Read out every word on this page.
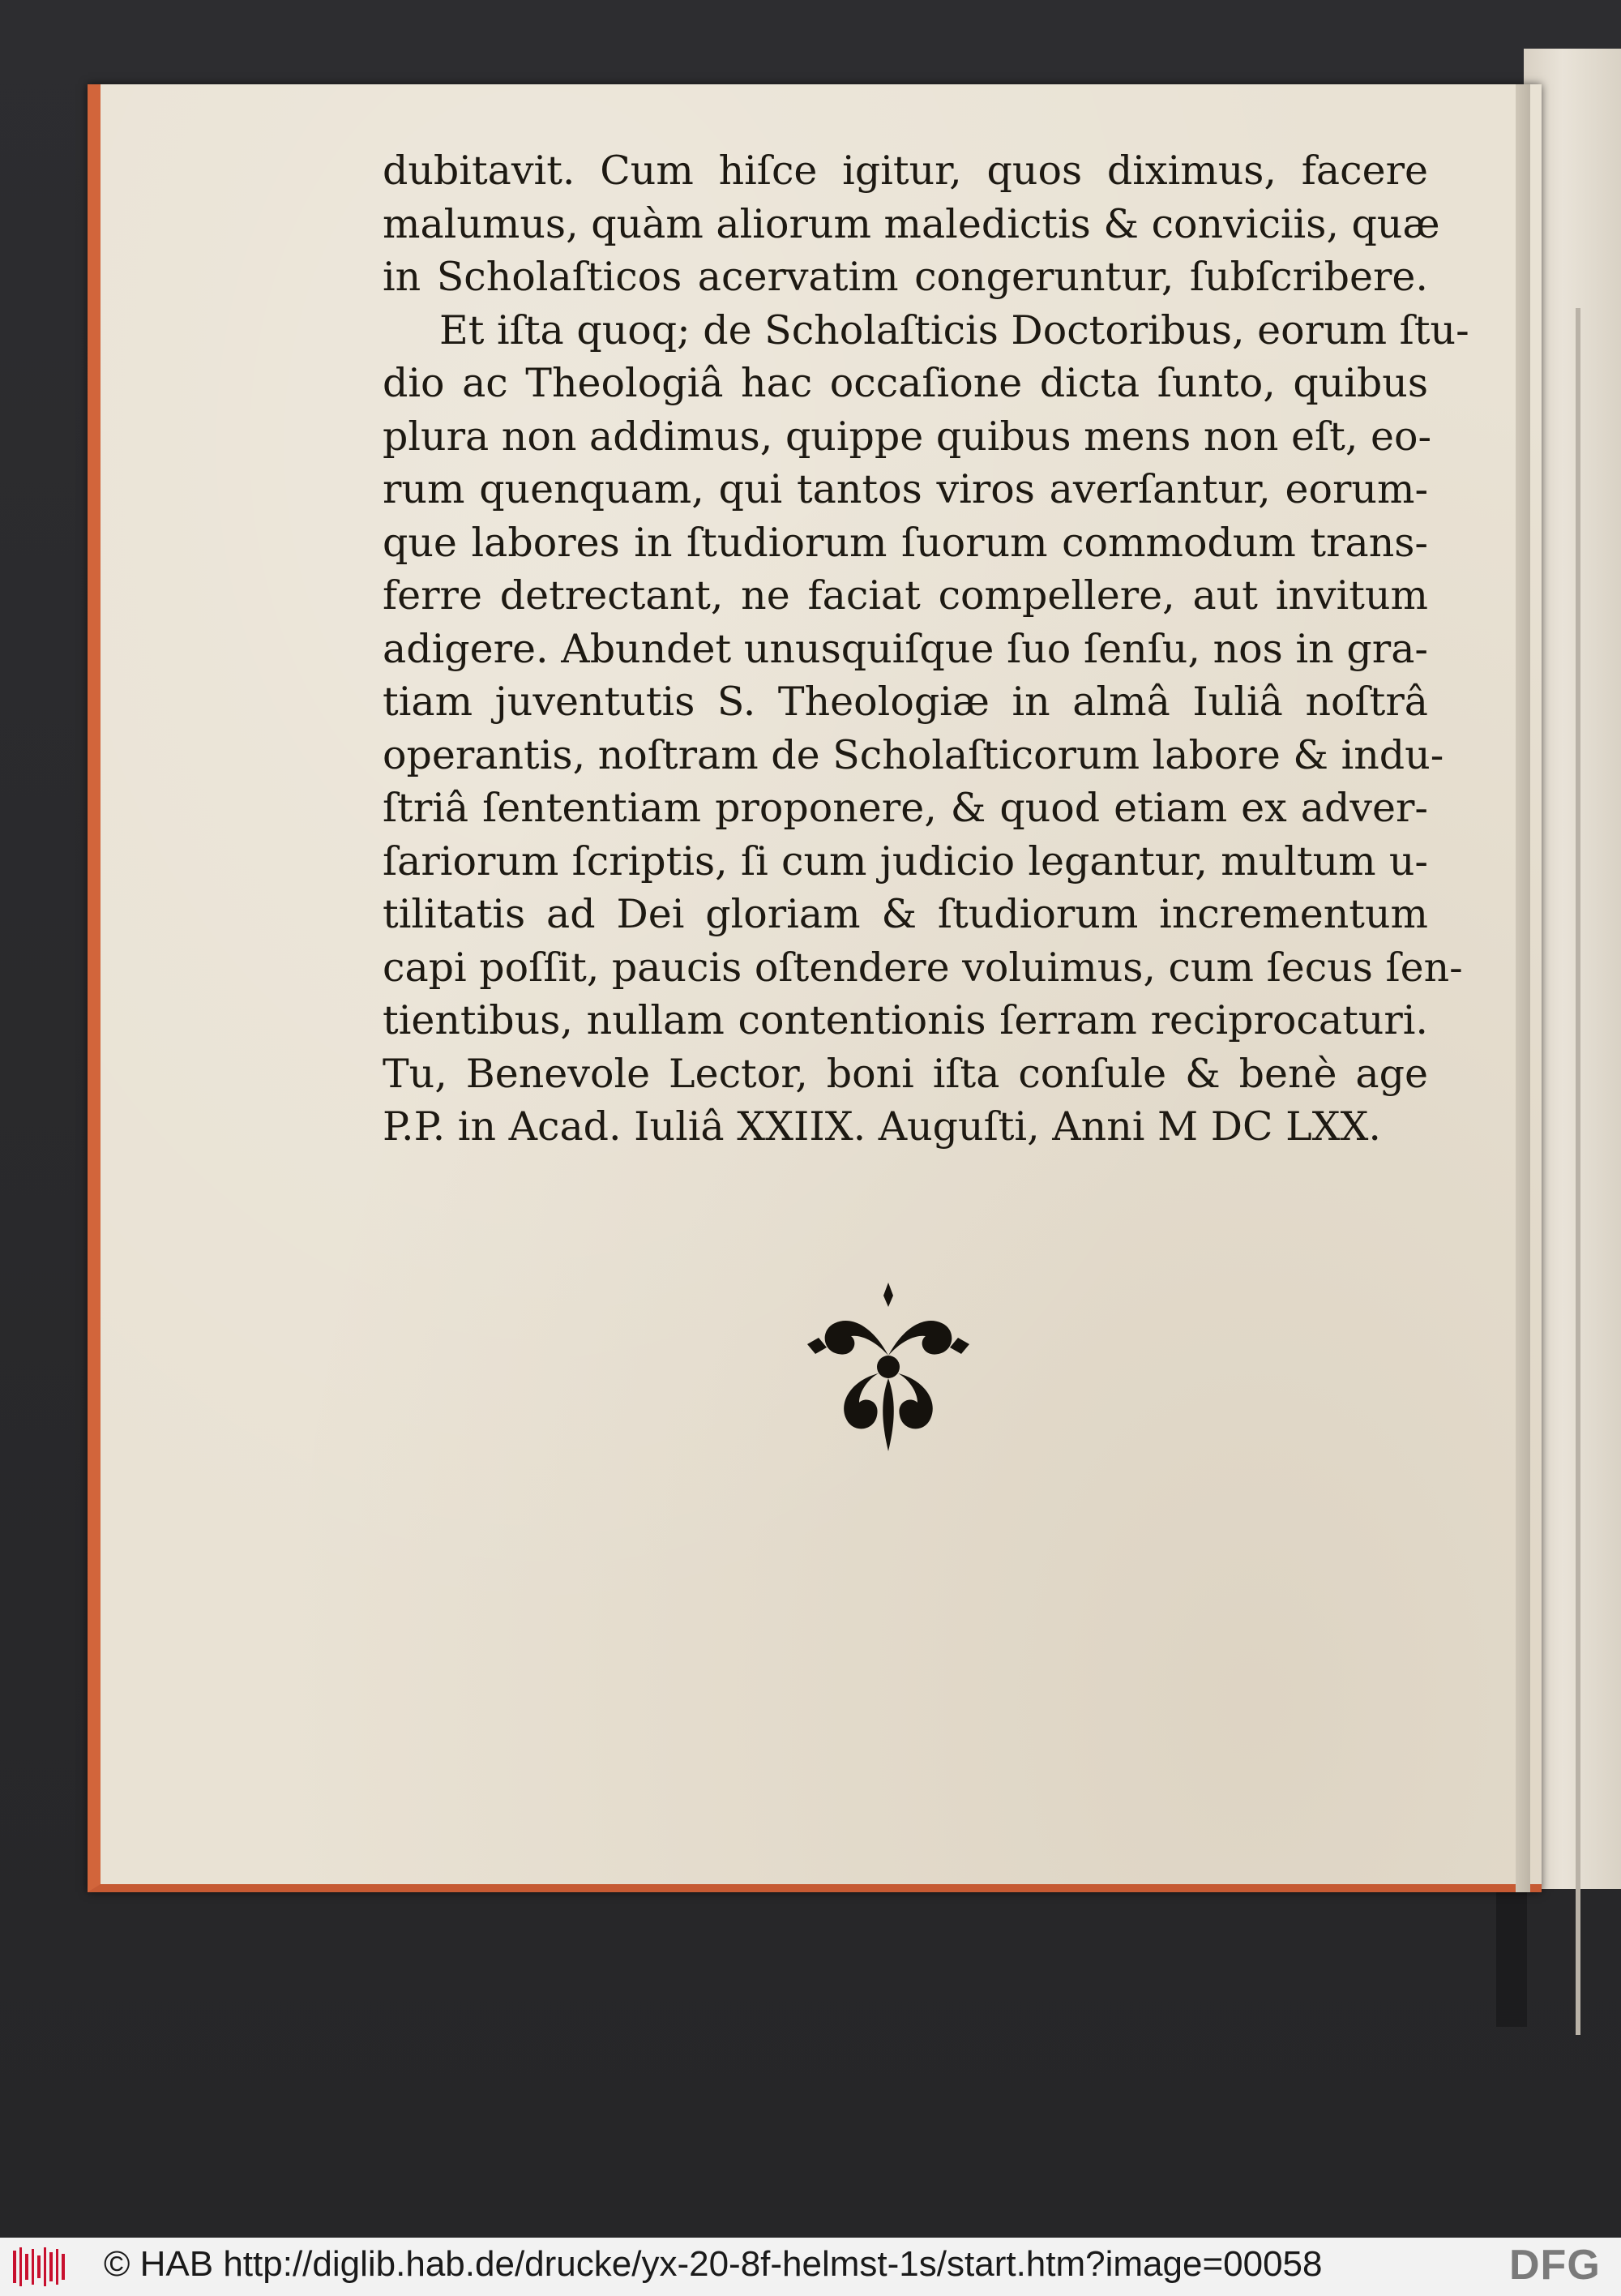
dubitavit. Cum hiſce igitur, quos diximus, facere
malumus, quàm aliorum maledictis & conviciis, quæ
in Scholaſticos acervatim congeruntur, ſubſcribere.
Et iſta quoq; de Scholaſticis Doctoribus, eorum ſtu-
dio ac Theologiâ hac occaſione dicta ſunto, quibus
plura non addimus, quippe quibus mens non eſt, eo-
rum quenquam, qui tantos viros averſantur, eorum-
que labores in ſtudiorum ſuorum commodum trans-
ferre detrectant, ne faciat compellere, aut invitum
adigere. Abundet unusquiſque ſuo ſenſu, nos in gra-
tiam juventutis S. Theologiæ in almâ Iuliâ noſtrâ
operantis, noſtram de Scholaſticorum labore & indu-
ſtriâ ſententiam proponere, & quod etiam ex adver-
ſariorum ſcriptis, ſi cum judicio legantur, multum u-
tilitatis ad Dei gloriam & ſtudiorum incrementum
capi poſſit, paucis oſtendere voluimus, cum ſecus ſen-
tientibus, nullam contentionis ſerram reciprocaturi.
Tu, Benevole Lector, boni iſta conſule & benè age
P.P. in Acad. Iuliâ XXIIX. Auguſti, Anni M DC LXX.
© HAB http://diglib.hab.de/drucke/yx-20-8f-helmst-1s/start.htm?image=00058	DFG
